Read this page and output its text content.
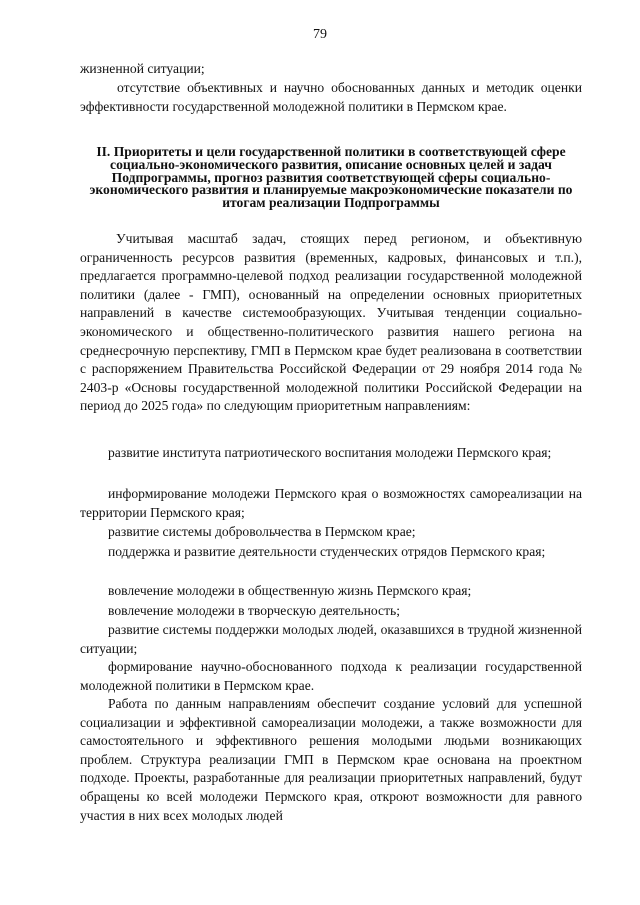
79
жизненной ситуации;
отсутствие объективных и научно обоснованных данных и методик оценки эффективности государственной молодежной политики в Пермском крае.
II. Приоритеты и цели государственной политики в соответствующей сфере социально-экономического развития, описание основных целей и задач Подпрограммы, прогноз развития соответствующей сферы социально-экономического развития и планируемые макроэкономические показатели по итогам реализации Подпрограммы
Учитывая масштаб задач, стоящих перед регионом, и объективную ограниченность ресурсов развития (временных, кадровых, финансовых и т.п.), предлагается программно-целевой подход реализации государственной молодежной политики (далее - ГМП), основанный на определении основных приоритетных направлений в качестве системообразующих. Учитывая тенденции социально-экономического и общественно-политического развития нашего региона на среднесрочную перспективу, ГМП в Пермском крае будет реализована в соответствии с распоряжением Правительства Российской Федерации от 29 ноября 2014 года № 2403-р «Основы государственной молодежной политики Российской Федерации на период до 2025 года» по следующим приоритетным направлениям:
развитие института патриотического воспитания молодежи Пермского края;
информирование молодежи Пермского края о возможностях самореализации на территории Пермского края;
развитие системы добровольчества в Пермском крае;
поддержка и развитие деятельности студенческих отрядов Пермского края;
вовлечение молодежи в общественную жизнь Пермского края;
вовлечение молодежи в творческую деятельность;
развитие системы поддержки молодых людей, оказавшихся в трудной жизненной ситуации;
формирование научно-обоснованного подхода к реализации государственной молодежной политики в Пермском крае.
Работа по данным направлениям обеспечит создание условий для успешной социализации и эффективной самореализации молодежи, а также возможности для самостоятельного и эффективного решения молодыми людьми возникающих проблем. Структура реализации ГМП в Пермском крае основана на проектном подходе. Проекты, разработанные для реализации приоритетных направлений, будут обращены ко всей молодежи Пермского края, откроют возможности для равного участия в них всех молодых людей
